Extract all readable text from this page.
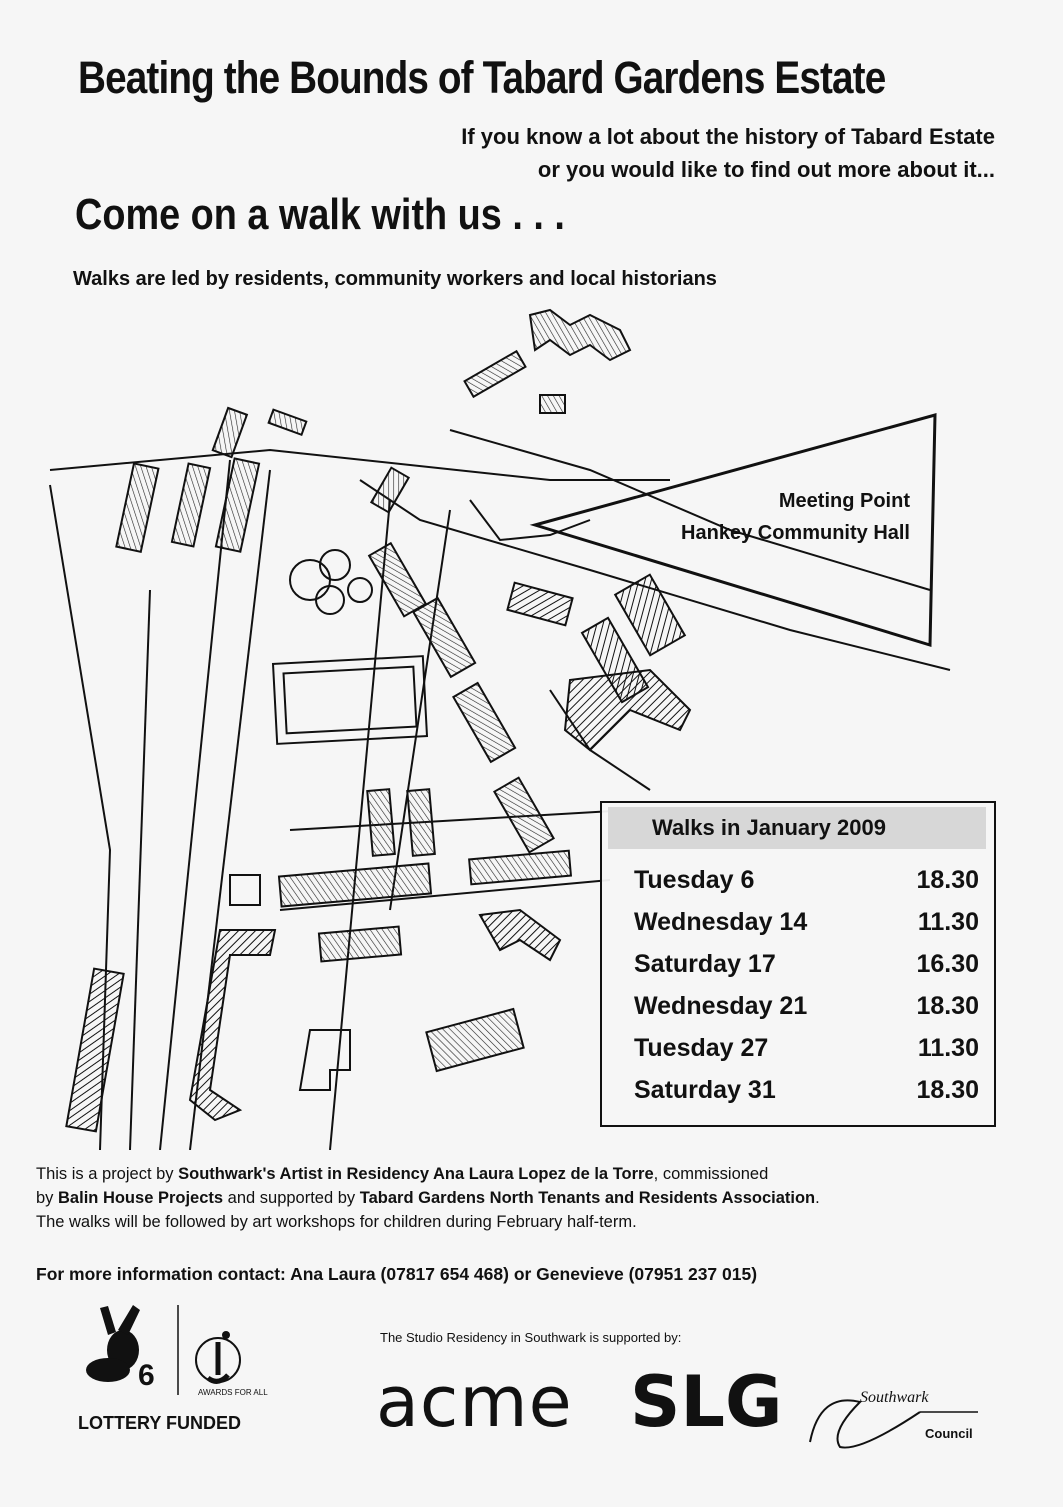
Beating the Bounds of Tabard Gardens Estate
If you know a lot about the history of Tabard Estate
or you would like to find out more about it...
Come on a walk with us . . .
Walks are led by residents, community workers and local historians
Meeting Point
Hankey Community Hall
Walks in January 2009
Tuesday 6	18.30
Wednesday 14	11.30
Saturday 17	16.30
Wednesday 21	18.30
Tuesday 27	11.30
Saturday 31	18.30
This is a project by Southwark's Artist in Residency Ana Laura Lopez de la Torre, commissioned
by Balin House Projects and supported by Tabard Gardens North Tenants and Residents Association.
The walks will be followed by art workshops for children during February half-term.
For more information contact: Ana Laura (07817 654 468) or Genevieve (07951 237 015)
6
AWARDS FOR ALL
LOTTERY FUNDED
The Studio Residency in Southwark is supported by:
acme SLG	Southwark
Council
